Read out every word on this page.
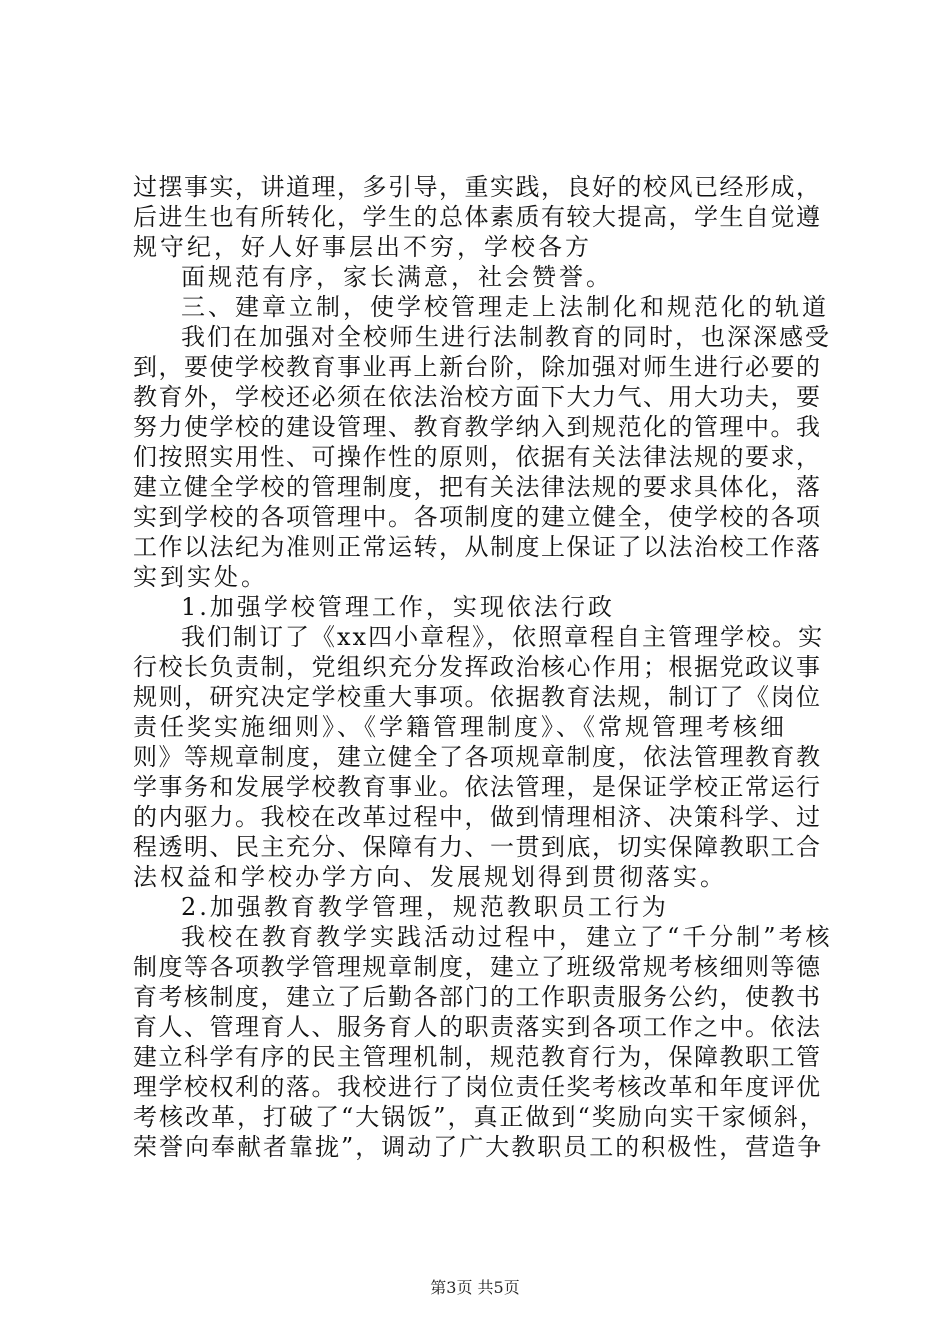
过摆事实，讲道理，多引导，重实践，良好的校风已经形成，
后进生也有所转化，学生的总体素质有较大提高，学生自觉遵
规守纪，好人好事层出不穷，学校各方
面规范有序，家长满意，社会赞誉。
三、建章立制，使学校管理走上法制化和规范化的轨道
我们在加强对全校师生进行法制教育的同时，也深深感受
到，要使学校教育事业再上新台阶，除加强对师生进行必要的
教育外，学校还必须在依法治校方面下大力气、用大功夫，要
努力使学校的建设管理、教育教学纳入到规范化的管理中。我
们按照实用性、可操作性的原则，依据有关法律法规的要求，
建立健全学校的管理制度，把有关法律法规的要求具体化，落
实到学校的各项管理中。各项制度的建立健全，使学校的各项
工作以法纪为准则正常运转，从制度上保证了以法治校工作落
实到实处。
1.加强学校管理工作，实现依法行政
我们制订了《xx四小章程》，依照章程自主管理学校。实
行校长负责制，党组织充分发挥政治核心作用；根据党政议事
规则，研究决定学校重大事项。依据教育法规，制订了《岗位
责任奖实施细则》、《学籍管理制度》、《常规管理考核细
则》等规章制度，建立健全了各项规章制度，依法管理教育教
学事务和发展学校教育事业。依法管理，是保证学校正常运行
的内驱力。我校在改革过程中，做到情理相济、决策科学、过
程透明、民主充分、保障有力、一贯到底，切实保障教职工合
法权益和学校办学方向、发展规划得到贯彻落实。
2.加强教育教学管理，规范教职员工行为
我校在教育教学实践活动过程中，建立了“千分制”考核
制度等各项教学管理规章制度，建立了班级常规考核细则等德
育考核制度，建立了后勤各部门的工作职责服务公约，使教书
育人、管理育人、服务育人的职责落实到各项工作之中。依法
建立科学有序的民主管理机制，规范教育行为，保障教职工管
理学校权利的落。我校进行了岗位责任奖考核改革和年度评优
考核改革，打破了“大锅饭”，真正做到“奖励向实干家倾斜，
荣誉向奉献者靠拢”，调动了广大教职员工的积极性，营造争
第3页 共5页
